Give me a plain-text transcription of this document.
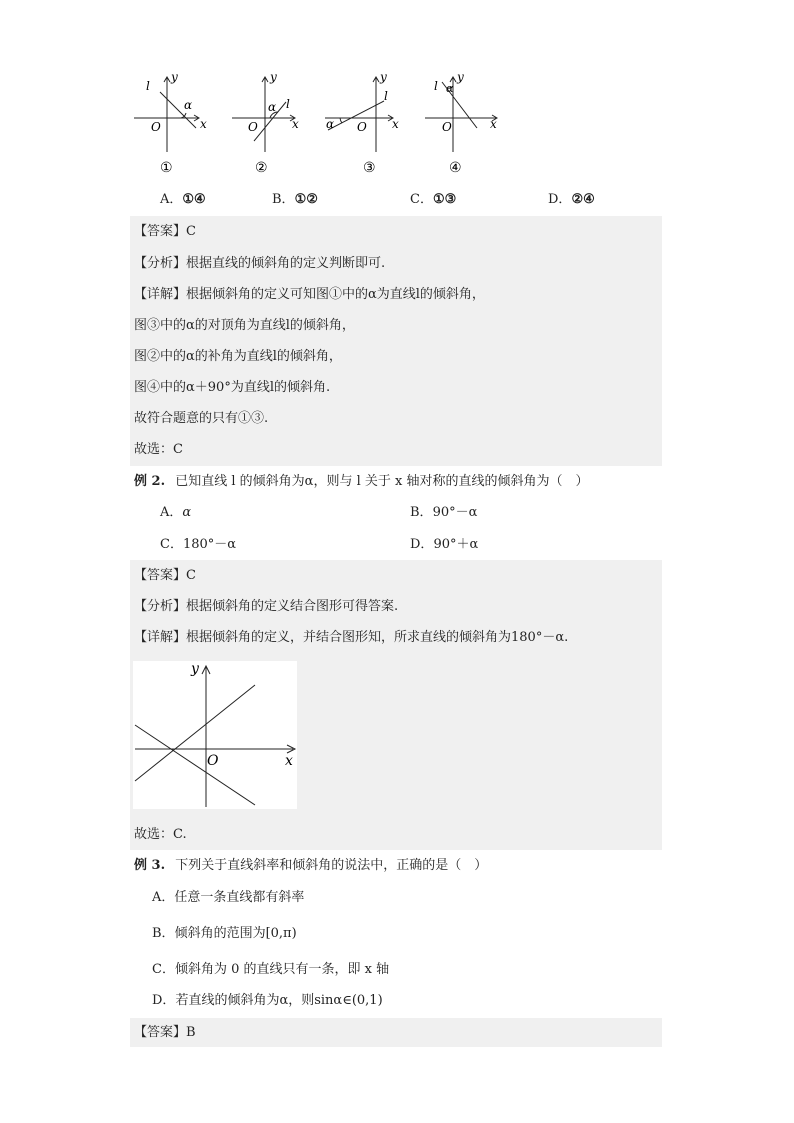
l
y
x
O
α
①
y
l
α
x
O
②
y
l
α O x
③
l α
y
O	x
④
A．①④	B．①②	C．①③	D．②④
【答案】C
【分析】根据直线的倾斜角的定义判断即可.
【详解】根据倾斜角的定义可知图①中的α为直线l的倾斜角，
图③中的α的对顶角为直线l的倾斜角，
图②中的α的补角为直线l的倾斜角，
图④中的α＋90°为直线l的倾斜角.
故符合题意的只有①③.
故选：C
例 2. 已知直线 l 的倾斜角为α，则与 l 关于 x 轴对称的直线的倾斜角为（　）
A．α	B．90°－α
C．180°－α	D．90°＋α
【答案】C
【分析】根据倾斜角的定义结合图形可得答案.
【详解】根据倾斜角的定义，并结合图形知，所求直线的倾斜角为180°－α.
y
x
O
故选：C.
例 3. 下列关于直线斜率和倾斜角的说法中，正确的是（　）
A．任意一条直线都有斜率
B．倾斜角的范围为[0,π)
C．倾斜角为 0 的直线只有一条，即 x 轴
D．若直线的倾斜角为α，则sinα∈(0,1)
【答案】B
